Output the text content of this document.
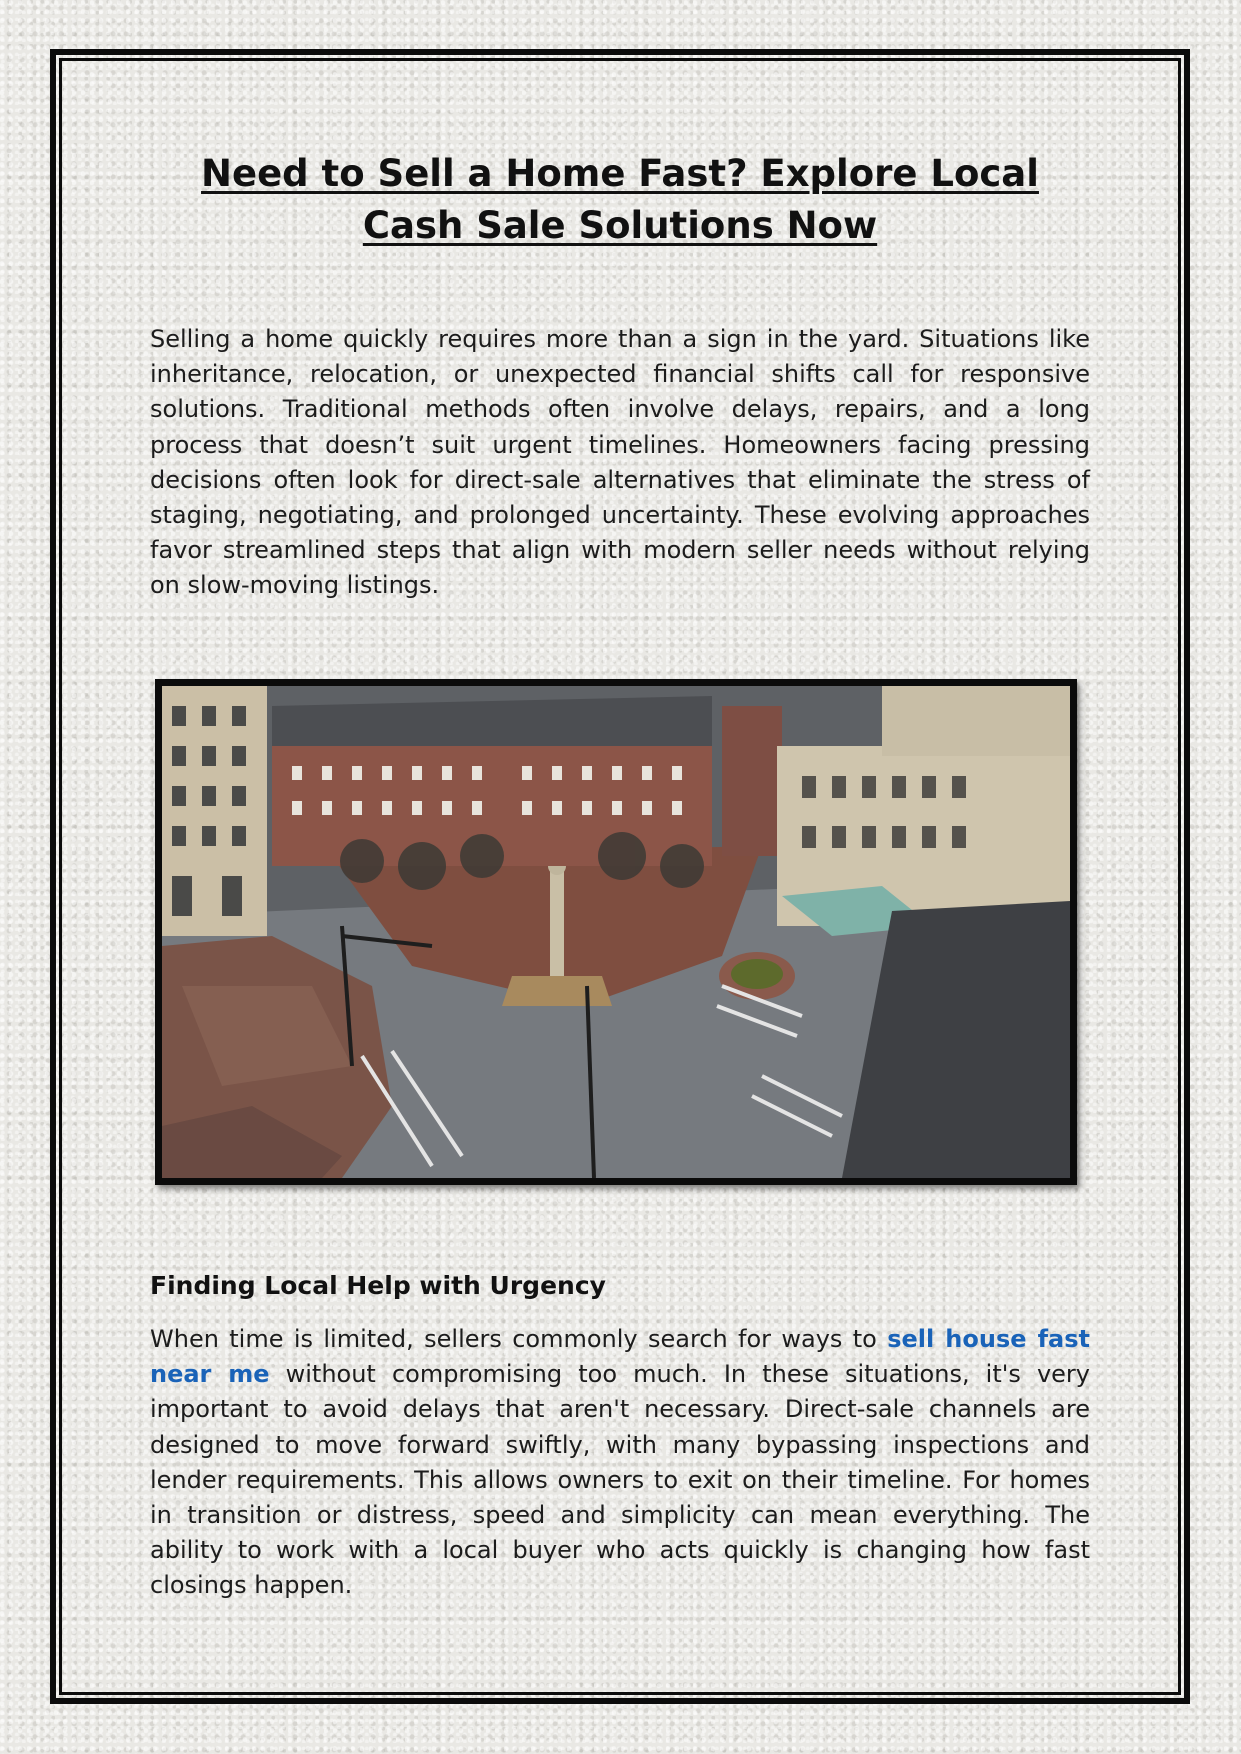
Need to Sell a Home Fast? Explore Local Cash Sale Solutions Now

Selling a home quickly requires more than a sign in the yard. Situations like inheritance, relocation, or unexpected financial shifts call for responsive solutions. Traditional methods often involve delays, repairs, and a long process that doesn’t suit urgent timelines. Homeowners facing pressing decisions often look for direct-sale alternatives that eliminate the stress of staging, negotiating, and prolonged uncertainty. These evolving approaches favor streamlined steps that align with modern seller needs without relying on slow-moving listings.

Finding Local Help with Urgency

When time is limited, sellers commonly search for ways to sell house fast near me without compromising too much. In these situations, it's very important to avoid delays that aren't necessary. Direct-sale channels are designed to move forward swiftly, with many bypassing inspections and lender requirements. This allows owners to exit on their timeline. For homes in transition or distress, speed and simplicity can mean everything. The ability to work with a local buyer who acts quickly is changing how fast closings happen.
